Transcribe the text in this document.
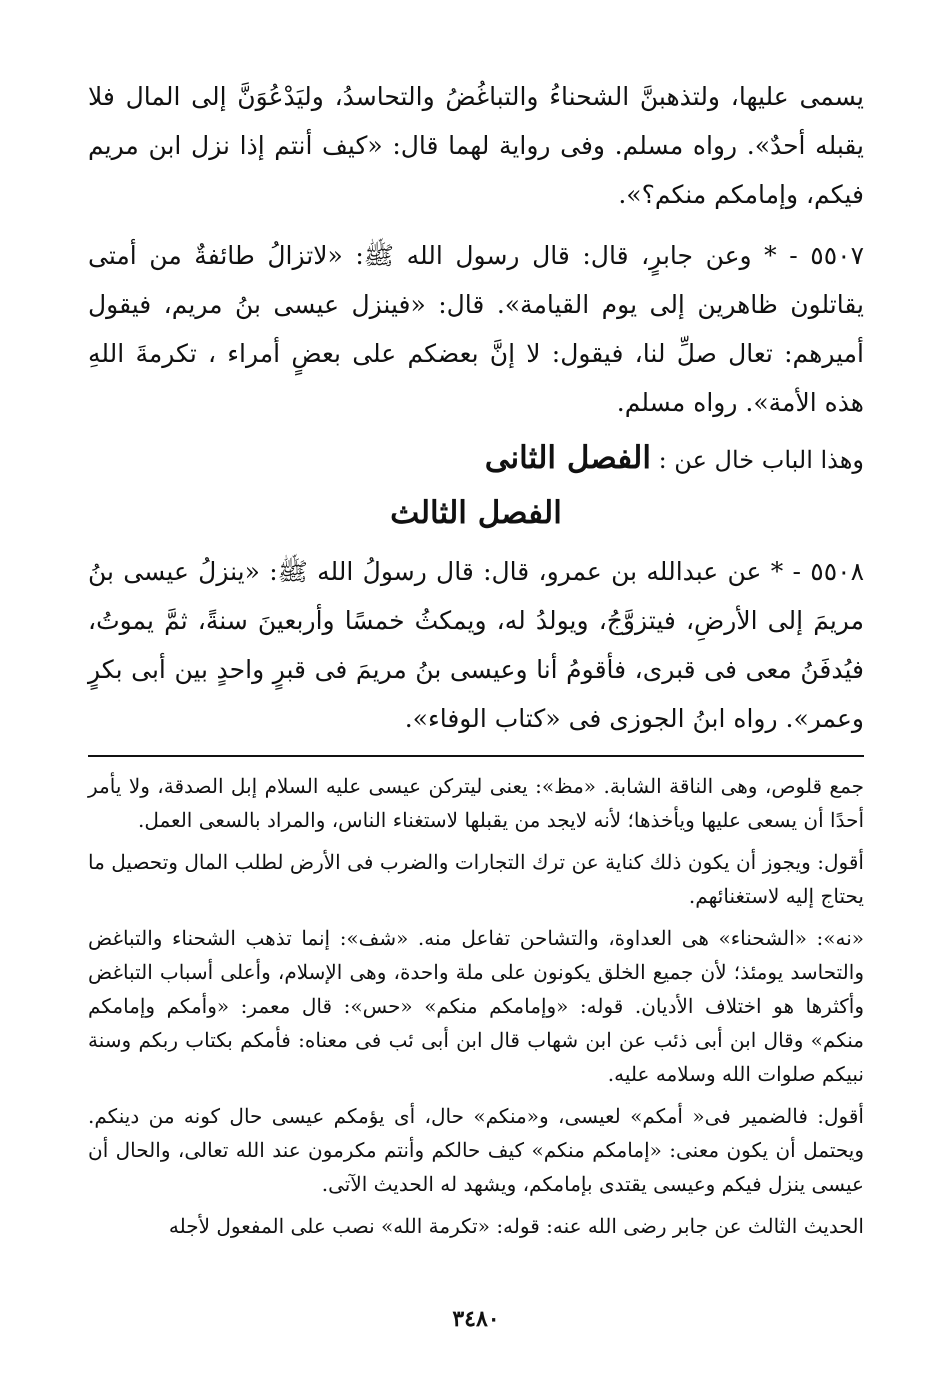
يسمى عليها، ولتذهبنَّ الشحناءُ والتباغُضُ والتحاسدُ، وليَدْعُوَنَّ إلى المال فلا يقبله أحدٌ». رواه مسلم. وفى رواية لهما قال: «كيف أنتم إذا نزل ابن مريم فيكم، وإمامكم منكم؟».

٥٥٠٧ - * وعن جابرٍ، قال: قال رسول الله ﷺ: «لاتزالُ طائفةٌ من أمتى يقاتلون ظاهرين إلى يوم القيامة». قال: «فينزل عيسى بنُ مريم، فيقول أميرهم: تعال صلِّ لنا، فيقول: لا إنَّ بعضكم على بعضٍ أمراء ، تكرمةَ اللهِ هذه الأمة». رواه مسلم.

وهذا الباب خال عن : الفصل الثانى
الفصل الثالث

٥٥٠٨ - * عن عبدالله بن عمرو، قال: قال رسولُ الله ﷺ: «ينزلُ عيسى بنُ مريمَ إلى الأرضِ، فيتزوَّجُ، ويولدُ له، ويمكثُ خمسًا وأربعينَ سنةً، ثمَّ يموتُ، فيُدفَنُ معى فى قبرى، فأقومُ أنا وعيسى بنُ مريمَ فى قبرٍ واحدٍ بين أبى بكرٍ وعمر». رواه ابنُ الجوزى فى «كتاب الوفاء».

جمع قلوص، وهى الناقة الشابة. «مظ»: يعنى ليتركن عيسى عليه السلام إبل الصدقة، ولا يأمر أحدًا أن يسعى عليها ويأخذها؛ لأنه لايجد من يقبلها لاستغناء الناس، والمراد بالسعى العمل.

أقول: ويجوز أن يكون ذلك كناية عن ترك التجارات والضرب فى الأرض لطلب المال وتحصيل ما يحتاج إليه لاستغنائهم.

«نه»: «الشحناء» هى العداوة، والتشاحن تفاعل منه. «شف»: إنما تذهب الشحناء والتباغض والتحاسد يومئذ؛ لأن جميع الخلق يكونون على ملة واحدة، وهى الإسلام، وأعلى أسباب التباغض وأكثرها هو اختلاف الأديان. قوله: «وإمامكم منكم» «حس»: قال معمر: «وأمكم وإمامكم منكم» وقال ابن أبى ذئب عن ابن شهاب قال ابن أبى ئب فى معناه: فأمكم بكتاب ربكم وسنة نبيكم صلوات الله وسلامه عليه.

أقول: فالضمير فى« أمكم» لعيسى، و«منكم» حال، أى يؤمكم عيسى حال كونه من دينكم. ويحتمل أن يكون معنى: «إمامكم منكم» كيف حالكم وأنتم مكرمون عند الله تعالى، والحال أن عيسى ينزل فيكم وعيسى يقتدى بإمامكم، ويشهد له الحديث الآتى.

الحديث الثالث عن جابر رضى الله عنه: قوله: «تكرمة الله» نصب على المفعول لأجله

٣٤٨٠
